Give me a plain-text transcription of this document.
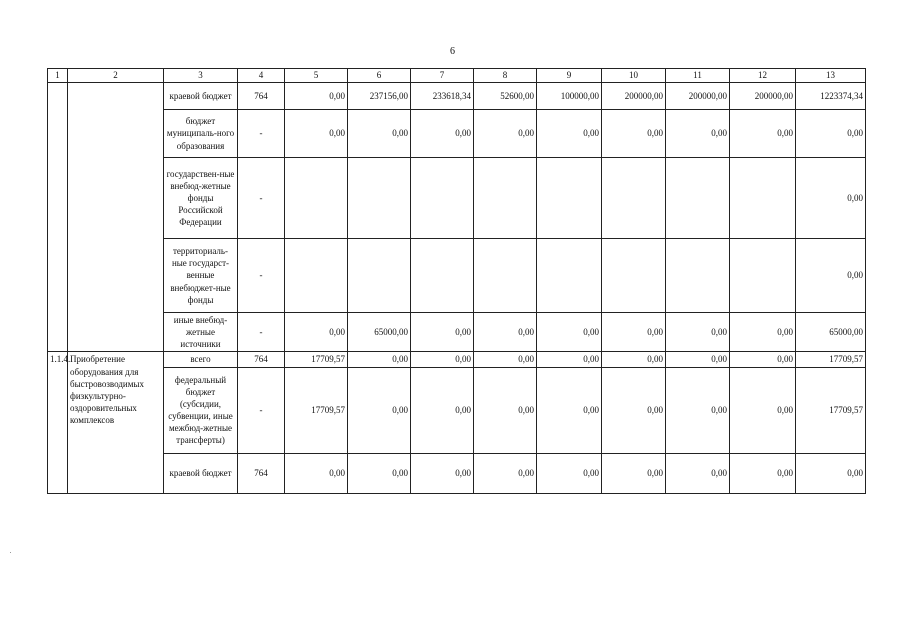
6
1	2	3	4	5	6	7	8	9	10	11	12	13
		краевой бюджет	764	0,00	237156,00	233618,34	52600,00	100000,00	200000,00	200000,00	200000,00	1223374,34
		бюджет муниципаль-ного образования	-	0,00	0,00	0,00	0,00	0,00	0,00	0,00	0,00	0,00
		государствен-ные внебюд-жетные фонды Российской Федерации	-									0,00
		территориаль-ные государст-венные внебюджет-ные фонды	-									0,00
		иные внебюд-жетные источники	-	0,00	65000,00	0,00	0,00	0,00	0,00	0,00	0,00	65000,00
1.1.4.	Приобретение оборудования для быстровозводимых физкультурно-оздоровительных комплексов	всего	764	17709,57	0,00	0,00	0,00	0,00	0,00	0,00	0,00	17709,57
		федеральный бюджет (субсидии, субвенции, иные межбюд-жетные трансферты)	-	17709,57	0,00	0,00	0,00	0,00	0,00	0,00	0,00	17709,57
		краевой бюджет	764	0,00	0,00	0,00	0,00	0,00	0,00	0,00	0,00	0,00
